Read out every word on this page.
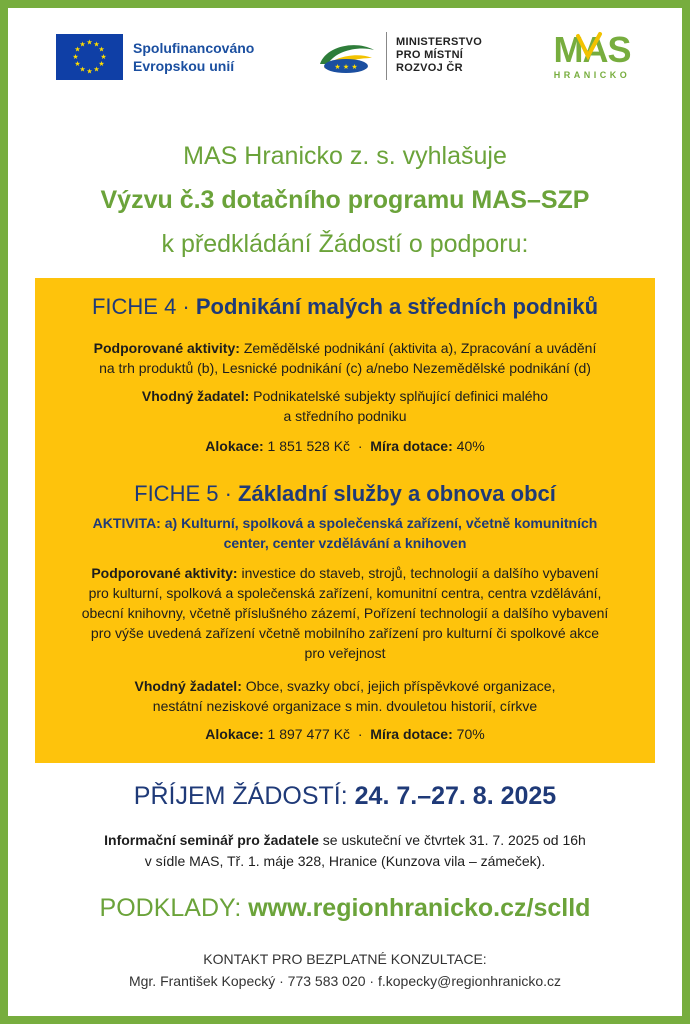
★ ★
★
★
★
★
★
★
★
★
★
★	Spolufinancováno
Evropskou unií	★ ★ ★
MINISTERSTVO
PRO MÍSTNÍ
ROZVOJ ČR	MAS
HRANICKO
MAS Hranicko z. s. vyhlašuje
Výzvu č.3 dotačního programu MAS–SZP
k předkládání Žádostí o podporu:
FICHE 4 · Podnikání malých a středních podniků
Podporované aktivity: Zemědělské podnikání (aktivita a), Zpracování a uvádění
na trh produktů (b), Lesnické podnikání (c) a/nebo Nezemědělské podnikání (d)
Vhodný žadatel: Podnikatelské subjekty splňující definici malého
a středního podniku
Alokace: 1 851 528 Kč  ·  Míra dotace: 40%
FICHE 5 · Základní služby a obnova obcí
AKTIVITA: a) Kulturní, spolková a společenská zařízení, včetně komunitních
center, center vzdělávání a knihoven
Podporované aktivity: investice do staveb, strojů, technologií a dalšího vybavení
pro kulturní, spolková a společenská zařízení, komunitní centra, centra vzdělávání,
obecní knihovny, včetně příslušného zázemí, Pořízení technologií a dalšího vybavení
pro výše uvedená zařízení včetně mobilního zařízení pro kulturní či spolkové akce
pro veřejnost
Vhodný žadatel: Obce, svazky obcí, jejich příspěvkové organizace,
nestátní neziskové organizace s min. dvouletou historií, církve
Alokace: 1 897 477 Kč  ·  Míra dotace: 70%
PŘÍJEM ŽÁDOSTÍ: 24. 7.–27. 8. 2025
Informační seminář pro žadatele se uskuteční ve čtvrtek 31. 7. 2025 od 16h
v sídle MAS, Tř. 1. máje 328, Hranice (Kunzova vila – zámeček).
PODKLADY: www.regionhranicko.cz/sclld
KONTAKT PRO BEZPLATNÉ KONZULTACE:
Mgr. František Kopecký · 773 583 020 · f.kopecky@regionhranicko.cz
